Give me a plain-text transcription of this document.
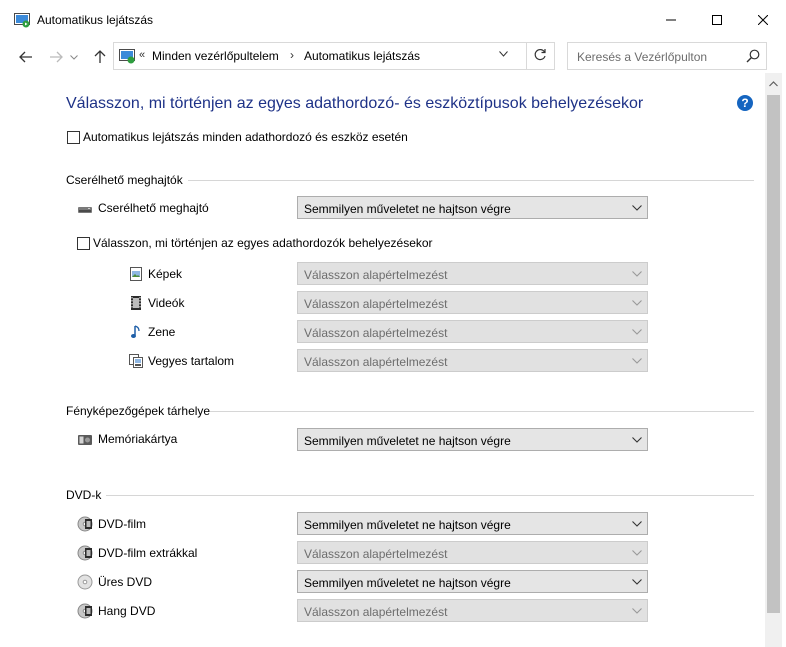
Automatikus lejátszás
« Minden vezérlőpultelem › Automatikus lejátszás	Keresés a Vezérlőpulton
Válasszon, mi történjen az egyes adathordozó- és eszköztípusok behelyezésekor	?
Automatikus lejátszás minden adathordozó és eszköz esetén
Cserélhető meghajtók
Cserélhető meghajtó	Semmilyen műveletet ne hajtson végre
Válasszon, mi történjen az egyes adathordozók behelyezésekor
Képek	Válasszon alapértelmezést
Videók	Válasszon alapértelmezést
Zene	Válasszon alapértelmezést
Vegyes tartalom	Válasszon alapértelmezést
Fényképezőgépek tárhelye
Memóriakártya	Semmilyen műveletet ne hajtson végre
DVD-k
DVD-film	Semmilyen műveletet ne hajtson végre
DVD-film extrákkal	Válasszon alapértelmezést
Üres DVD	Semmilyen műveletet ne hajtson végre
Hang DVD	Válasszon alapértelmezést
